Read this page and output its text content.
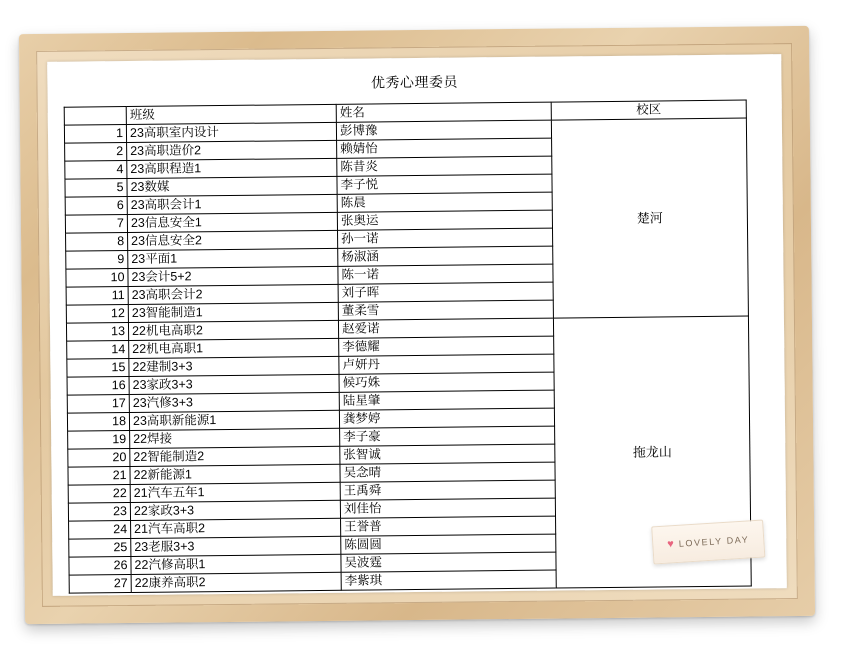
优秀心理委员
	班级	姓名	校区
1	23高职室内设计	彭博豫	楚河
2	23高职造价2	赖婧怡	
4	23高职程造1	陈昔炎	
5	23数媒	李子悦	
6	23高职会计1	陈晨	
7	23信息安全1	张奥运	
8	23信息安全2	孙一诺	
9	23平面1	杨淑涵	
10	23会计5+2	陈一诺	
11	23高职会计2	刘子晖	
12	23智能制造1	董柔雪	
13	22机电高职2	赵爱诺	拖龙山
14	22机电高职1	李德耀	
15	22建制3+3	卢妍丹	
16	23家政3+3	候巧姝	
17	23汽修3+3	陆星肇	
18	23高职新能源1	龚梦婷	
19	22焊接	李子豪	
20	22智能制造2	张智诚	
21	22新能源1	吴念晴	
22	21汽车五年1	王禹舜	
23	22家政3+3	刘佳怡	
24	21汽车高职2	王誉普	
25	23老服3+3	陈圆圆	
26	22汽修高职1	吴波霆	
27	22康养高职2	李紫琪	
♥ LOVELY DAY
